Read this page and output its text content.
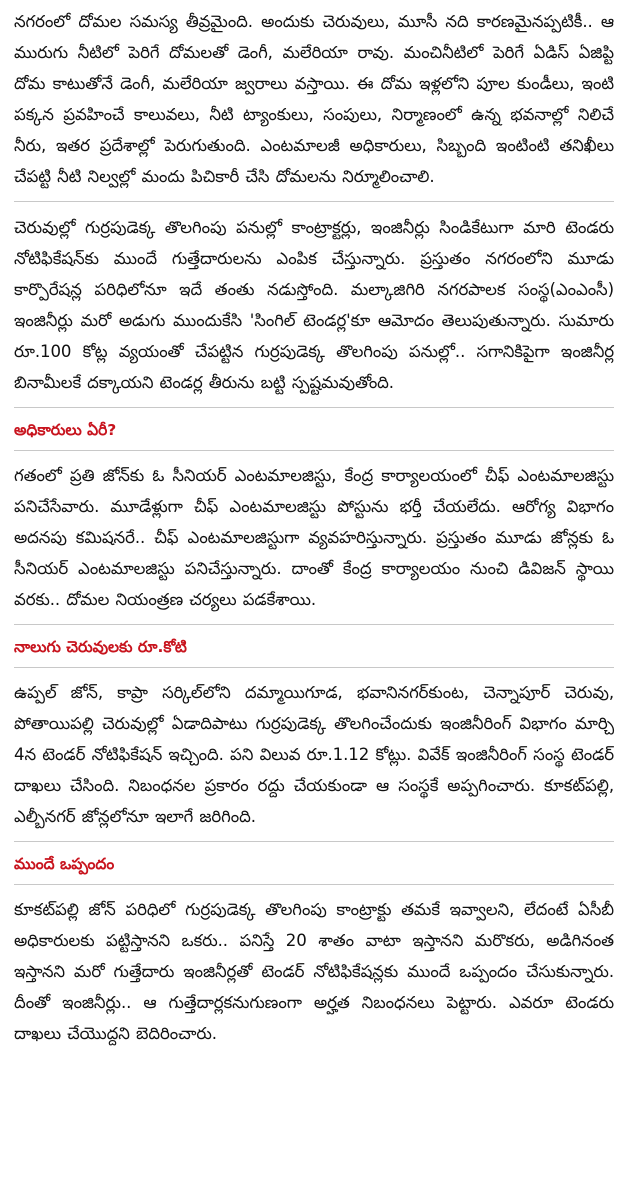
నగరంలో దోమల సమస్య తీవ్రమైంది. అందుకు చెరువులు, మూసీ నది కారణమైనప్పటికీ.. ఆ మురుగు నీటిలో పెరిగే దోమలతో డెంగీ, మలేరియా రావు. మంచినీటిలో పెరిగే ఏడిస్ ఏజిప్టి దోమ కాటుతోనే డెంగీ, మలేరియా జ్వరాలు వస్తాయి. ఈ దోమ ఇళ్లలోని పూల కుండీలు, ఇంటి పక్కన ప్రవహించే కాలువలు, నీటి ట్యాంకులు, సంపులు, నిర్మాణంలో ఉన్న భవనాల్లో నిలిచే నీరు, ఇతర ప్రదేశాల్లో పెరుగుతుంది. ఎంటమాలజీ అధికారులు, సిబ్బంది ఇంటింటి తనిఖీలు చేపట్టి నీటి నిల్వల్లో మందు పిచికారీ చేసి దోమలను నిర్మూలించాలి.

చెరువుల్లో గుర్రపుడెక్క తొలగింపు పనుల్లో కాంట్రాక్టర్లు, ఇంజినీర్లు సిండికేటుగా మారి టెండరు నోటిఫికేషన్‌కు ముందే గుత్తేదారులను ఎంపిక చేస్తున్నారు. ప్రస్తుతం నగరంలోని మూడు కార్పొరేషన్ల పరిధిలోనూ ఇదే తంతు నడుస్తోంది. మల్కాజిగిరి నగరపాలక సంస్థ(ఎంఎంసీ) ఇంజినీర్లు మరో అడుగు ముందుకేసి 'సింగిల్ టెండర్ల'కూ ఆమోదం తెలుపుతున్నారు. సుమారు రూ.100 కోట్ల వ్యయంతో చేపట్టిన గుర్రపుడెక్క తొలగింపు పనుల్లో.. సగానికిపైగా ఇంజినీర్ల బినామీలకే దక్కాయని టెండర్ల తీరును బట్టి స్పష్టమవుతోంది.

అధికారులు ఏరీ?

గతంలో ప్రతి జోన్‌కు ఓ సీనియర్ ఎంటమాలజిస్టు, కేంద్ర కార్యాలయంలో చీఫ్ ఎంటమాలజిస్టు పనిచేసేవారు. మూడేళ్లుగా చీఫ్ ఎంటమాలజిస్టు పోస్టును భర్తీ చేయలేదు. ఆరోగ్య విభాగం అదనపు కమిషనరే.. చీఫ్ ఎంటమాలజిస్టుగా వ్యవహరిస్తున్నారు. ప్రస్తుతం మూడు జోన్లకు ఓ సీనియర్ ఎంటమాలజిస్టు పనిచేస్తున్నారు. దాంతో కేంద్ర కార్యాలయం నుంచి డివిజన్ స్థాయి వరకు.. దోమల నియంత్రణ చర్యలు పడకేశాయి.

నాలుగు చెరువులకు రూ.కోటి

ఉప్పల్ జోన్, కాప్రా సర్కిల్‌లోని దమ్మాయిగూడ, భవానినగర్‌కుంట, చెన్నాపూర్ చెరువు, పోతాయిపల్లి చెరువుల్లో ఏడాదిపాటు గుర్రపుడెక్క తొలగించేందుకు ఇంజినీరింగ్ విభాగం మార్చి 4న టెండర్ నోటిఫికేషన్ ఇచ్చింది. పని విలువ రూ.1.12 కోట్లు. వివేక్ ఇంజినీరింగ్ సంస్థ టెండర్ దాఖలు చేసింది. నిబంధనల ప్రకారం రద్దు చేయకుండా ఆ సంస్థకే అప్పగించారు. కూకట్‌పల్లి, ఎల్బీనగర్ జోన్లలోనూ ఇలాగే జరిగింది.

ముందే ఒప్పందం

కూకట్‌పల్లి జోన్ పరిధిలో గుర్రపుడెక్క తొలగింపు కాంట్రాక్టు తమకే ఇవ్వాలని, లేదంటే ఏసీబీ అధికారులకు పట్టిస్తానని ఒకరు.. పనిస్తే 20 శాతం వాటా ఇస్తానని మరొకరు, అడిగినంత ఇస్తానని మరో గుత్తేదారు ఇంజినీర్లతో టెండర్ నోటిఫికేషన్లకు ముందే ఒప్పందం చేసుకున్నారు. దీంతో ఇంజినీర్లు.. ఆ గుత్తేదార్లకనుగుణంగా అర్హత నిబంధనలు పెట్టారు. ఎవరూ టెండరు దాఖలు చేయొద్దని బెదిరించారు.
